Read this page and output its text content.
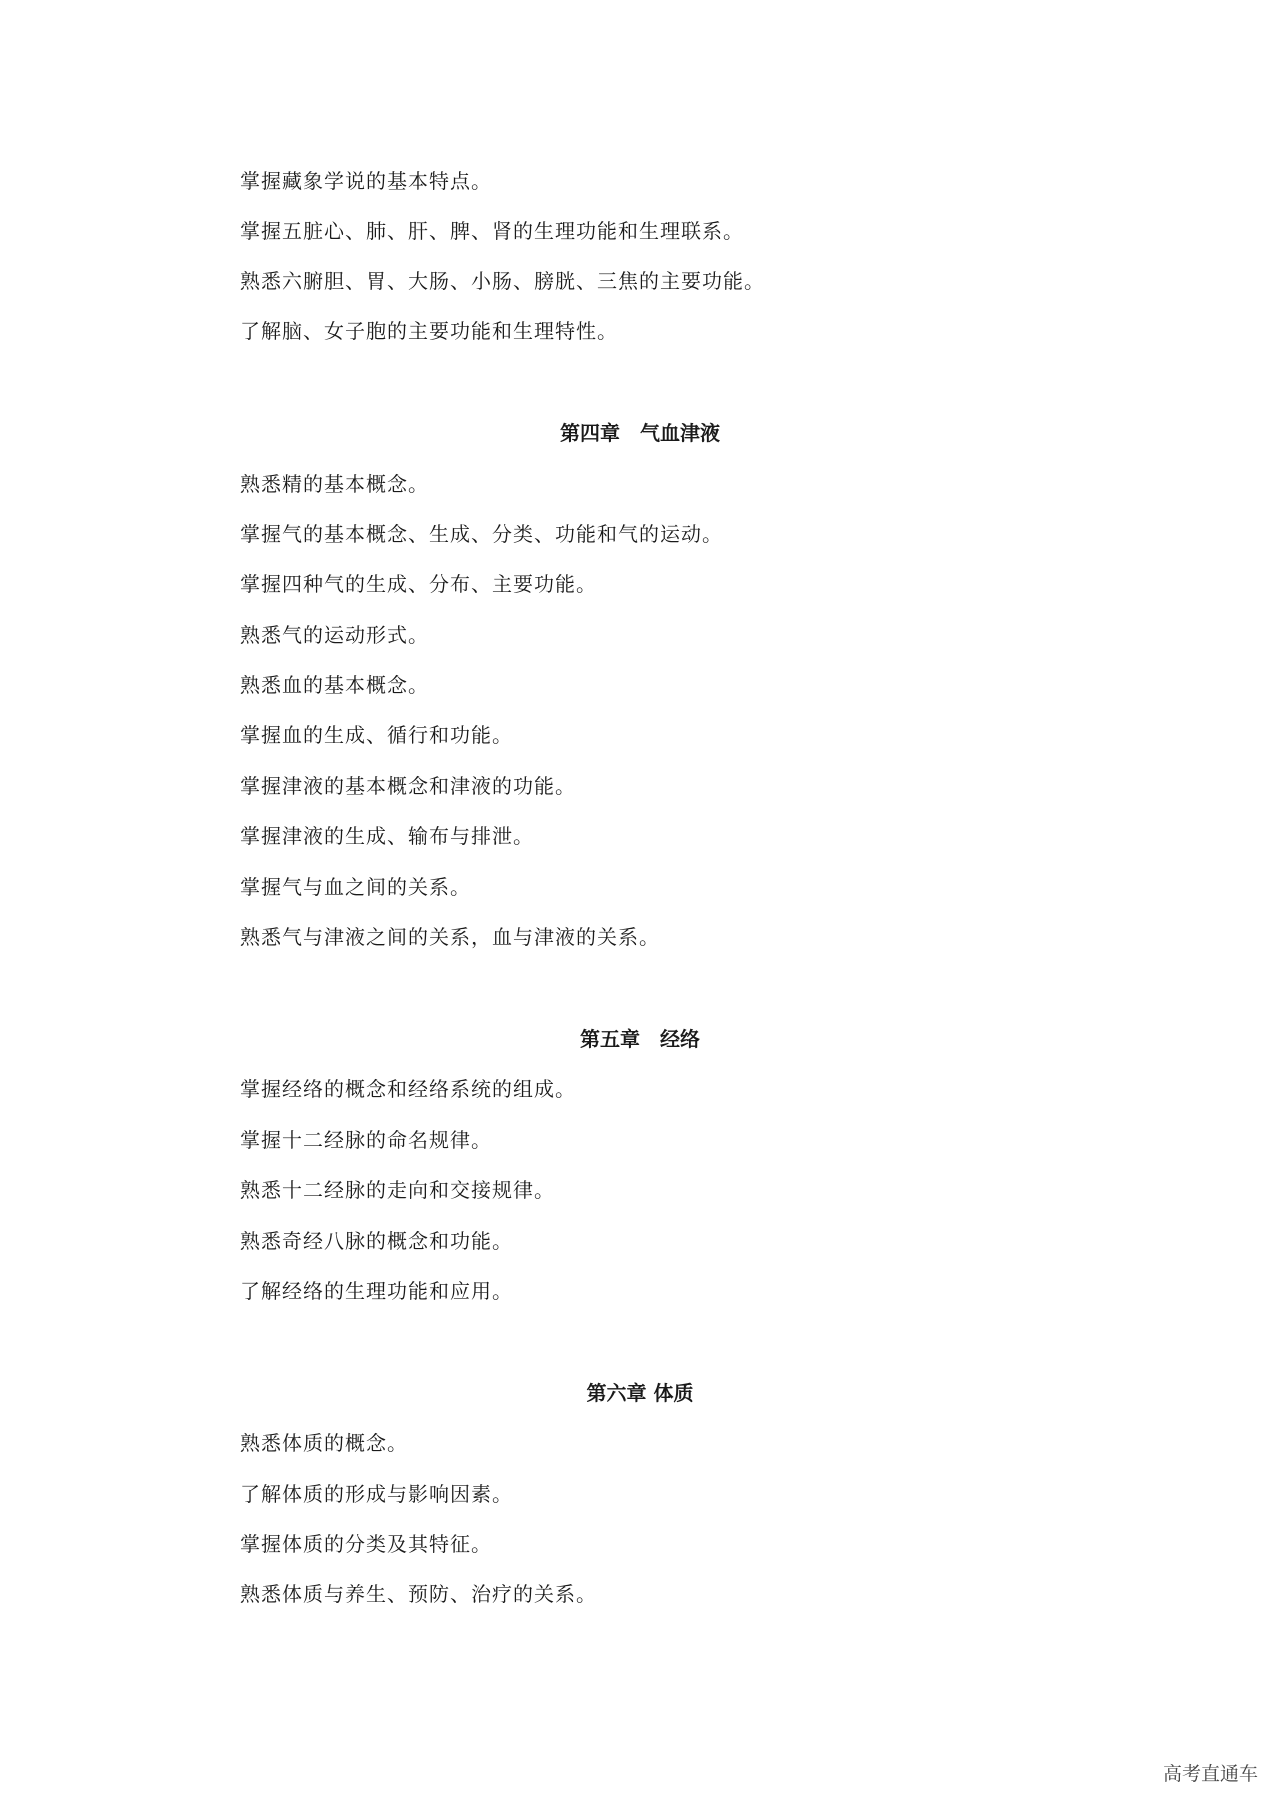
掌握藏象学说的基本特点。
掌握五脏心、肺、肝、脾、肾的生理功能和生理联系。
熟悉六腑胆、胃、大肠、小肠、膀胱、三焦的主要功能。
了解脑、女子胞的主要功能和生理特性。
第四章　气血津液
熟悉精的基本概念。
掌握气的基本概念、生成、分类、功能和气的运动。
掌握四种气的生成、分布、主要功能。
熟悉气的运动形式。
熟悉血的基本概念。
掌握血的生成、循行和功能。
掌握津液的基本概念和津液的功能。
掌握津液的生成、输布与排泄。
掌握气与血之间的关系。
熟悉气与津液之间的关系，血与津液的关系。
第五章　经络
掌握经络的概念和经络系统的组成。
掌握十二经脉的命名规律。
熟悉十二经脉的走向和交接规律。
熟悉奇经八脉的概念和功能。
了解经络的生理功能和应用。
第六章 体质
熟悉体质的概念。
了解体质的形成与影响因素。
掌握体质的分类及其特征。
熟悉体质与养生、预防、治疗的关系。
高考直通车
